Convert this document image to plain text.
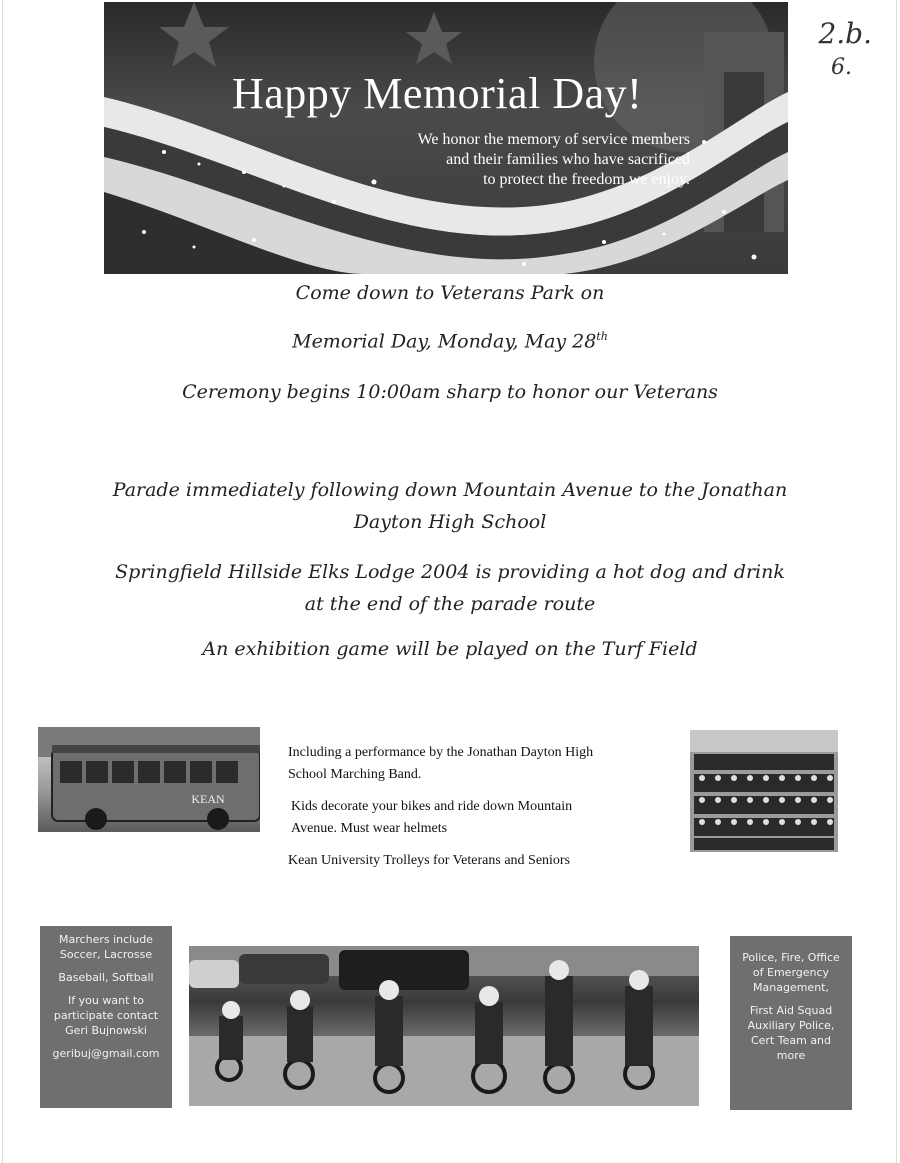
2.b.
6.
Happy Memorial Day!
We honor the memory of service members
and their families who have sacrificed
to protect the freedom we enjoy.
Come down to Veterans Park on
Memorial Day, Monday, May 28th
Ceremony begins 10:00am sharp to honor our Veterans
Parade immediately following down Mountain Avenue to the Jonathan
Dayton High School
Springfield Hillside Elks Lodge 2004 is providing a hot dog and drink
at the end of the parade route
An exhibition game will be played on the Turf Field
KEAN

Including a performance by the Jonathan Dayton High
School Marching Band.

Kids decorate your bikes and ride down Mountain
Avenue. Must wear helmets

Kean University Trolleys for Veterans and Seniors

Marchers include
Soccer, Lacrosse

Baseball, Softball

If you want to
participate contact
Geri Bujnowski

geribuj@gmail.com

Police, Fire, Office
of Emergency
Management,

First Aid Squad
Auxiliary Police,
Cert Team and
more
